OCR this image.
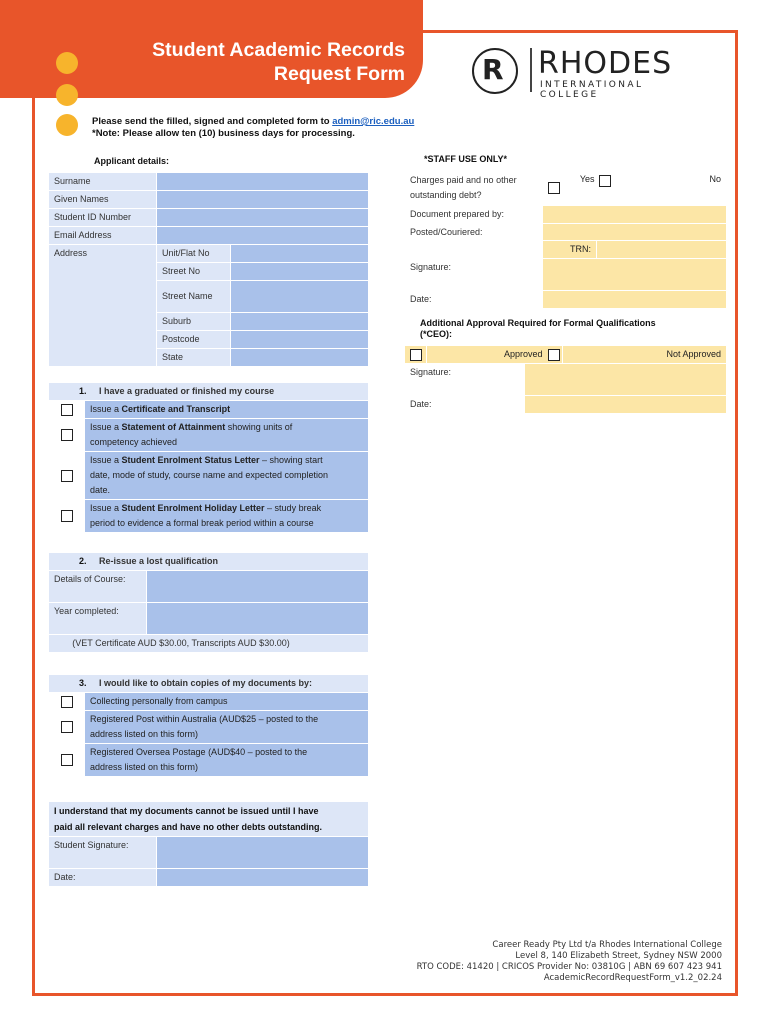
Student Academic Records
Request Form	R RHODES
INTERNATIONAL COLLEGE
Please send the filled, signed and completed form to admin@ric.edu.au
*Note: Please allow ten (10) business days for processing.
Applicant details:
Surname		
Given Names		
Student ID Number		
Email Address		
Address	Unit/Flat No	
	Street No	
	Street Name	
	Suburb	
	Postcode	
	State	
*STAFF USE ONLY*
Charges paid and no other
outstanding debt?		Yes		No
Document prepared by:				
Posted/Couriered:				
	TRN:			
Signature:				
Date:				
Additional Approval Required for Formal Qualifications
(*CEO):
	Approved		Not Approved
Signature:			
Date:			
1. I have a graduated or finished my course	
	Issue a Certificate and Transcript

	Issue a Statement of Attainment showing units of
competency achieved

	Issue a Student Enrolment Status Letter – showing start
date, mode of study, course name and expected completion
date.

	Issue a Student Enrolment Holiday Letter – study break
period to evidence a formal break period within a course
2. Re-issue a lost qualification	
Details of Course:	
Year completed:	
(VET Certificate AUD $30.00, Transcripts AUD $30.00)	
3. I would like to obtain copies of my documents by:	
	Collecting personally from campus

	Registered Post within Australia (AUD$25 – posted to the
address listed on this form)

	Registered Oversea Postage (AUD$40 – posted to the
address listed on this form)
I understand that my documents cannot be issued until I have
paid all relevant charges and have no other debts outstanding.	

Student Signature:	
Date:	
Career Ready Pty Ltd t/a Rhodes International College
Level 8, 140 Elizabeth Street, Sydney NSW 2000
RTO CODE: 41420 | CRICOS Provider No: 03810G | ABN 69 607 423 941
AcademicRecordRequestForm_v1.2_02.24
